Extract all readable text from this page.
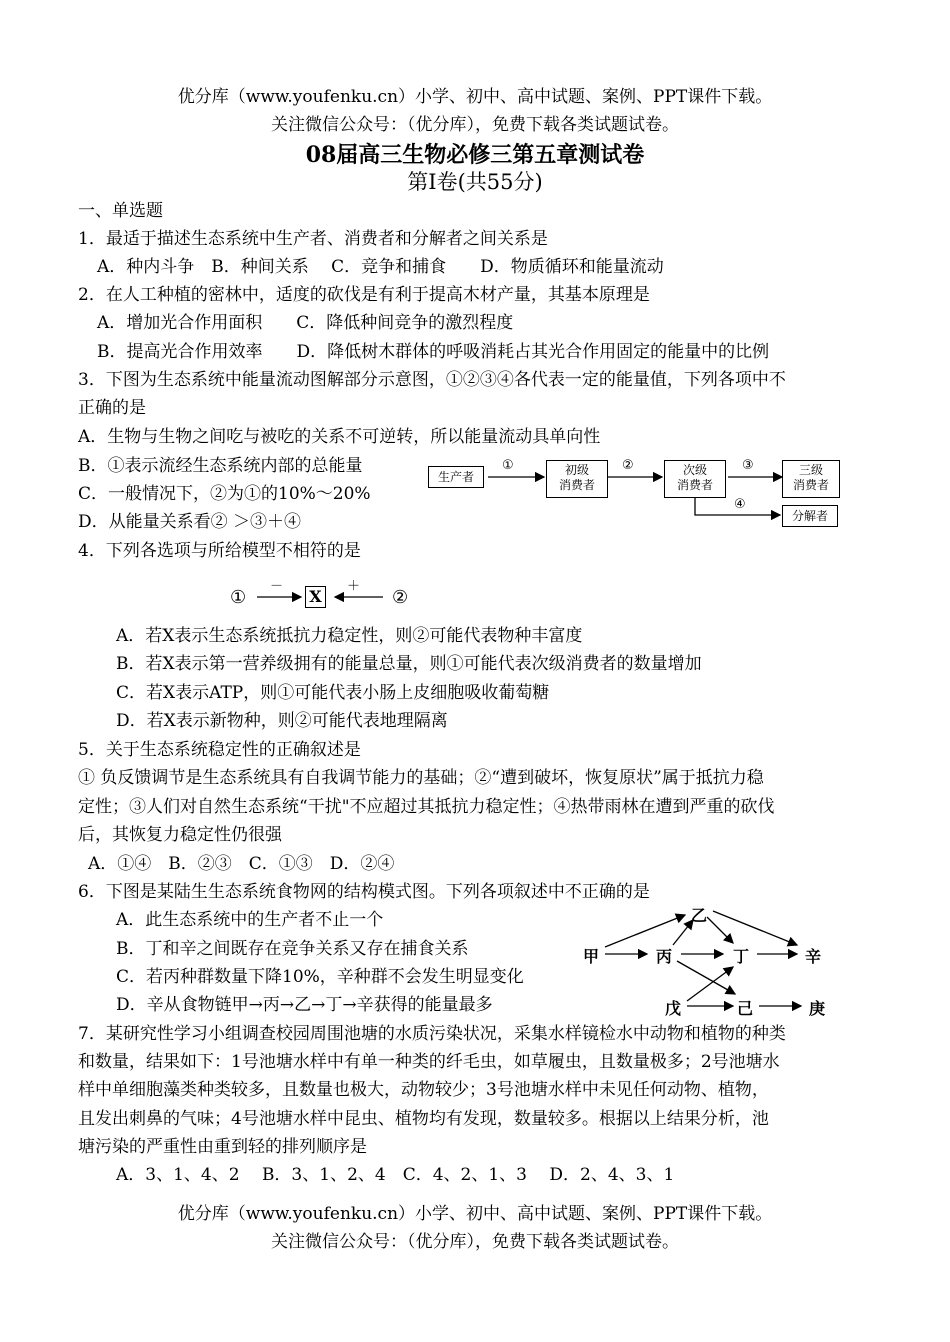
优分库（www.youfenku.cn）小学、初中、高中试题、案例、PPT课件下载。
关注微信公众号：（优分库），免费下载各类试题试卷。
08届高三生物必修三第五章测试卷
第Ⅰ卷(共55分)
一、单选题
1．最适于描述生态系统中生产者、消费者和分解者之间关系是
A．种内斗争　B．种间关系　 C．竞争和捕食　　D．物质循环和能量流动
2．在人工种植的密林中，适度的砍伐是有利于提高木材产量，其基本原理是
A．增加光合作用面积　　C．降低种间竞争的激烈程度
B．提高光合作用效率　　D．降低树木群体的呼吸消耗占其光合作用固定的能量中的比例
3．下图为生态系统中能量流动图解部分示意图，①②③④各代表一定的能量值，下列各项中不
正确的是
A．生物与生物之间吃与被吃的关系不可逆转，所以能量流动具单向性
B．①表示流经生态系统内部的总能量
C．一般情况下，②为①的10%～20%
D．从能量关系看② ＞③＋④
生产者	初级
消费者
次级
消费者
三级
消费者
分解者
①	②	③
④
4．下列各选项与所给模型不相符的是
①
－
X
＋
②
A．若X表示生态系统抵抗力稳定性，则②可能代表物种丰富度
B．若X表示第一营养级拥有的能量总量，则①可能代表次级消费者的数量增加
C．若X表示ATP，则①可能代表小肠上皮细胞吸收葡萄糖
D．若X表示新物种，则②可能代表地理隔离
5．关于生态系统稳定性的正确叙述是
① 负反馈调节是生态系统具有自我调节能力的基础；②“遭到破坏，恢复原状”属于抵抗力稳
定性；③人们对自然生态系统“干扰"不应超过其抵抗力稳定性；④热带雨林在遭到严重的砍伐
后，其恢复力稳定性仍很强
A．①④　B．②③　C．①③　D．②④
6．下图是某陆生生态系统食物网的结构模式图。下列各项叙述中不正确的是
A．此生态系统中的生产者不止一个
B．丁和辛之间既存在竞争关系又存在捕食关系
C．若丙种群数量下降10%，辛种群不会发生明显变化
D．辛从食物链甲→丙→乙→丁→辛获得的能量最多
乙
甲	丙	丁	辛
戊	己	庚
7．某研究性学习小组调查校园周围池塘的水质污染状况，采集水样镜检水中动物和植物的种类
和数量，结果如下：1号池塘水样中有单一种类的纤毛虫，如草履虫，且数量极多；2号池塘水
样中单细胞藻类种类较多，且数量也极大，动物较少；3号池塘水样中未见任何动物、植物，
且发出刺鼻的气味；4号池塘水样中昆虫、植物均有发现，数量较多。根据以上结果分析，池
塘污染的严重性由重到轻的排列顺序是
A．3、1、4、2　 B．3、1、2、4　C．4、2、1、3　 D．2、4、3、1
优分库（www.youfenku.cn）小学、初中、高中试题、案例、PPT课件下载。
关注微信公众号：（优分库），免费下载各类试题试卷。
